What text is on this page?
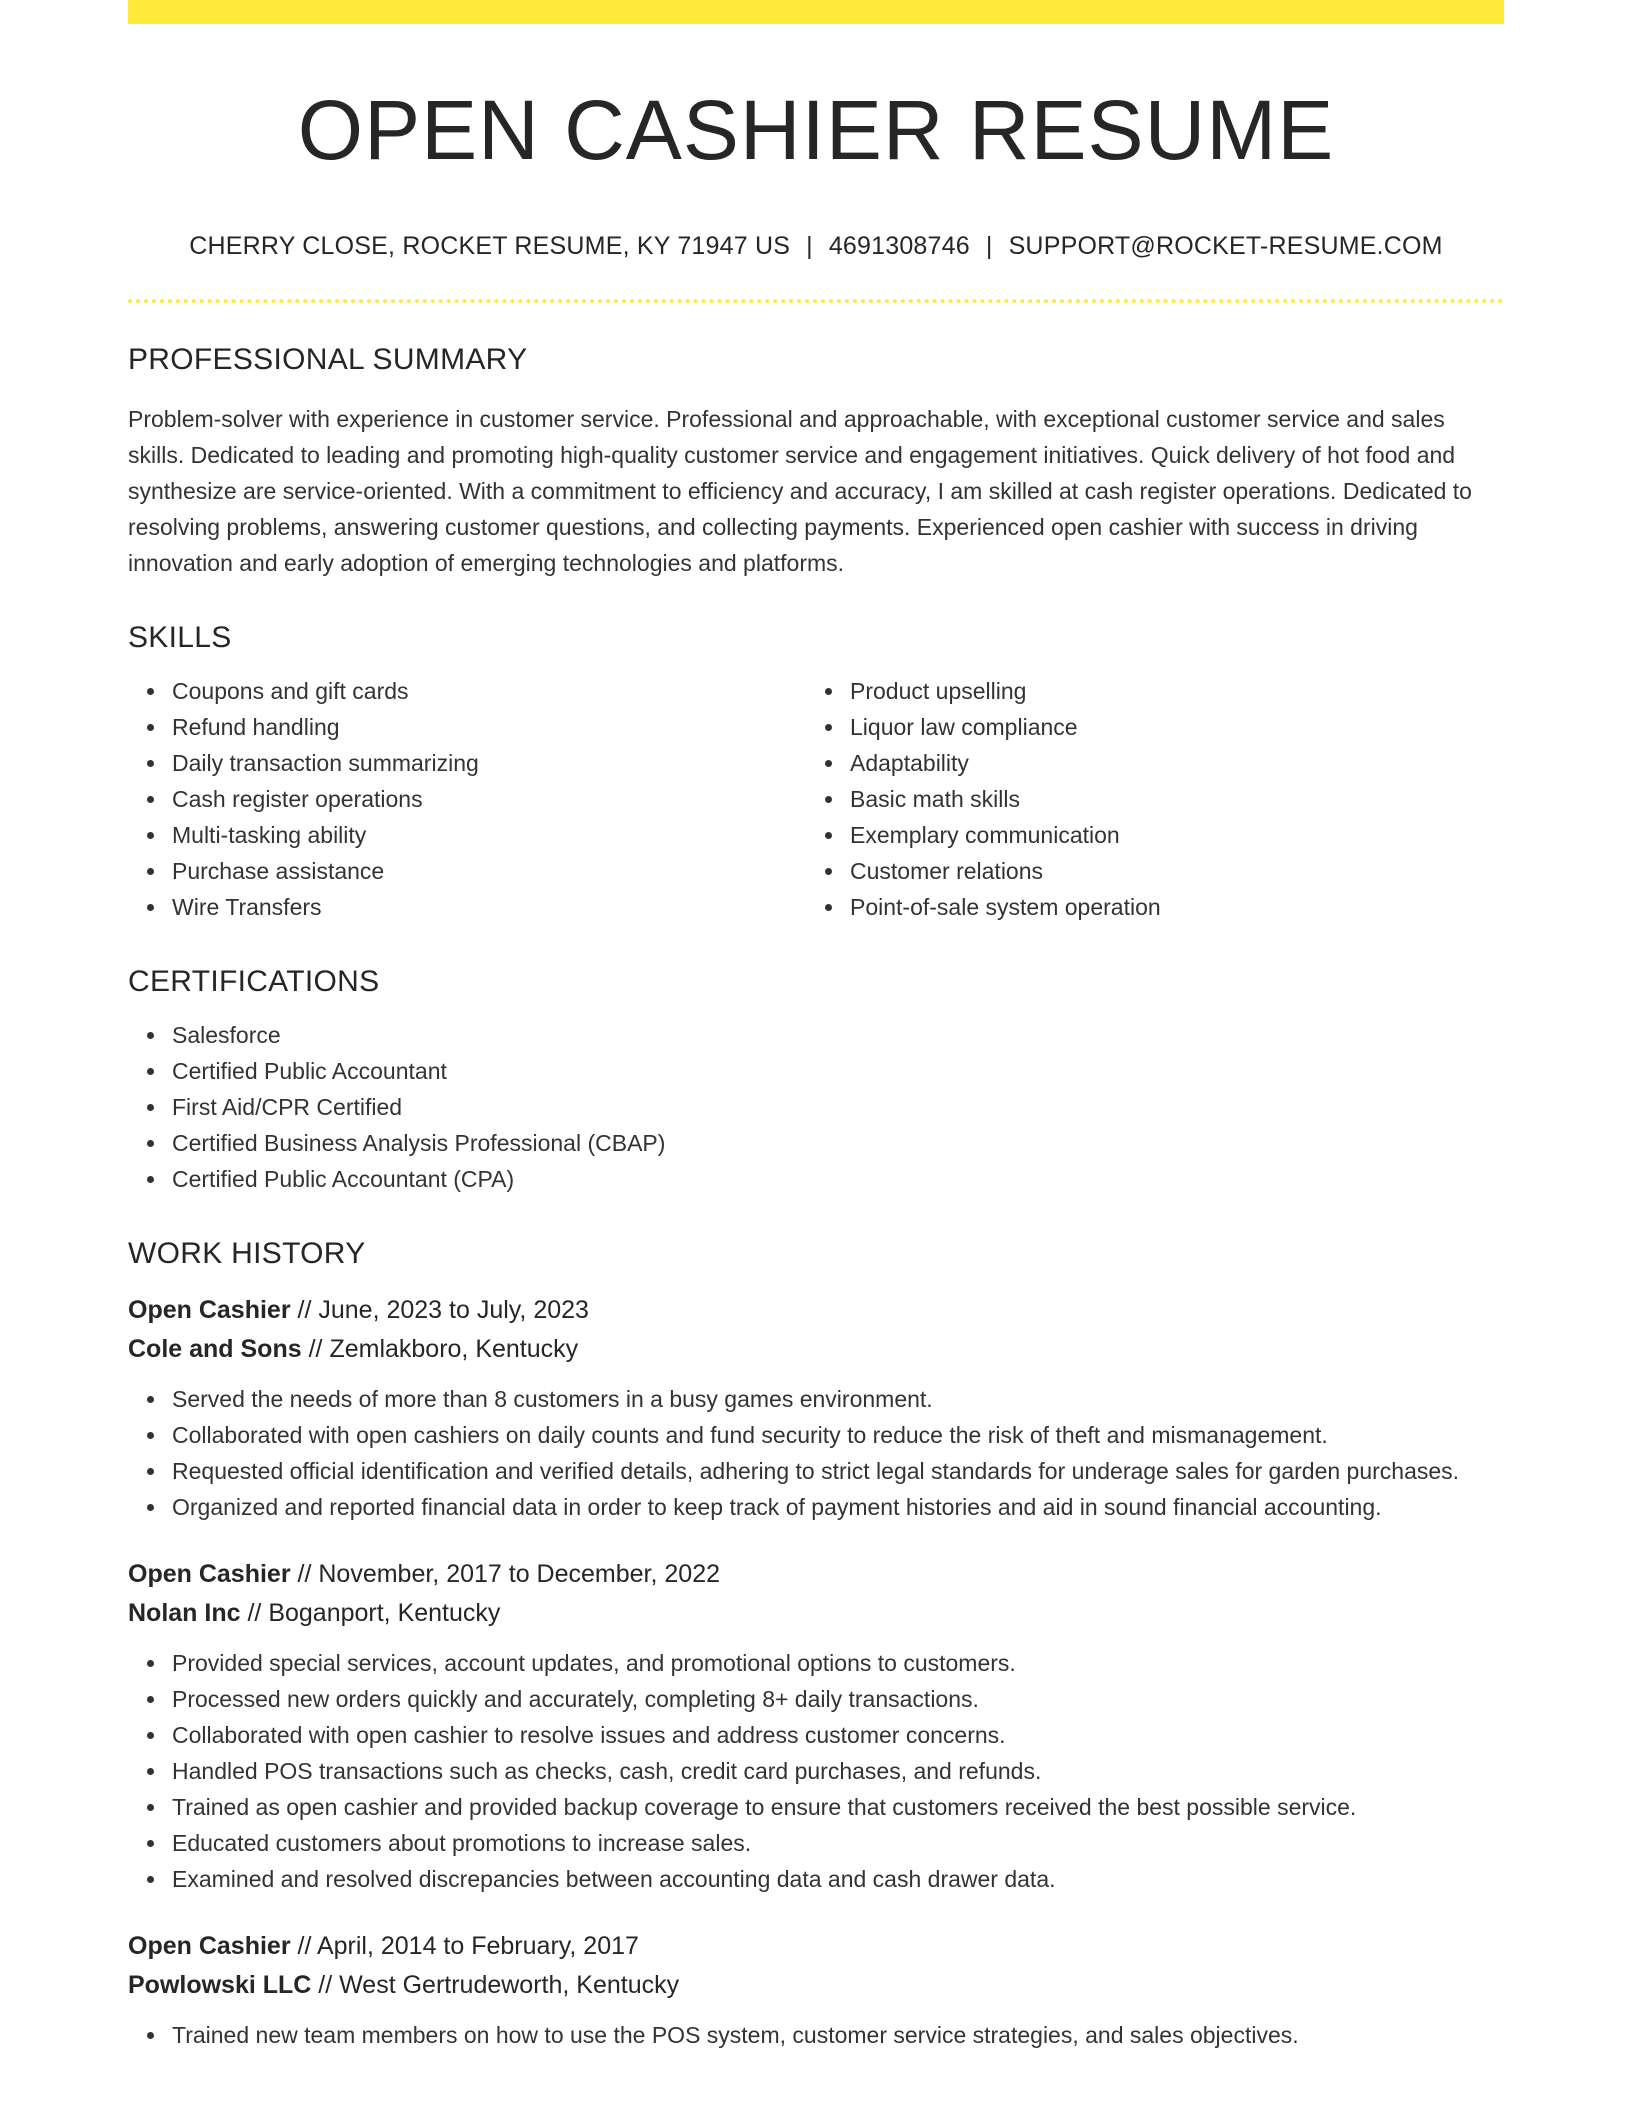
OPEN CASHIER RESUME
CHERRY CLOSE, ROCKET RESUME, KY 71947 US | 4691308746 | SUPPORT@ROCKET-RESUME.COM
PROFESSIONAL SUMMARY

Problem-solver with experience in customer service. Professional and approachable, with exceptional customer service and sales skills. Dedicated to leading and promoting high-quality customer service and engagement initiatives. Quick delivery of hot food and synthesize are service-oriented. With a commitment to efficiency and accuracy, I am skilled at cash register operations. Dedicated to resolving problems, answering customer questions, and collecting payments. Experienced open cashier with success in driving innovation and early adoption of emerging technologies and platforms.

SKILLS
Coupons and gift cards
Refund handling
Daily transaction summarizing
Cash register operations
Multi-tasking ability
Purchase assistance
Wire Transfers
Product upselling
Liquor law compliance
Adaptability
Basic math skills
Exemplary communication
Customer relations
Point-of-sale system operation
CERTIFICATIONS
Salesforce
Certified Public Accountant
First Aid/CPR Certified
Certified Business Analysis Professional (CBAP)
Certified Public Accountant (CPA)
WORK HISTORY
Open Cashier // June, 2023 to July, 2023
Cole and Sons // Zemlakboro, Kentucky
Served the needs of more than 8 customers in a busy games environment.
Collaborated with open cashiers on daily counts and fund security to reduce the risk of theft and mismanagement.
Requested official identification and verified details, adhering to strict legal standards for underage sales for garden purchases.
Organized and reported financial data in order to keep track of payment histories and aid in sound financial accounting.
Open Cashier // November, 2017 to December, 2022
Nolan Inc // Boganport, Kentucky
Provided special services, account updates, and promotional options to customers.
Processed new orders quickly and accurately, completing 8+ daily transactions.
Collaborated with open cashier to resolve issues and address customer concerns.
Handled POS transactions such as checks, cash, credit card purchases, and refunds.
Trained as open cashier and provided backup coverage to ensure that customers received the best possible service.
Educated customers about promotions to increase sales.
Examined and resolved discrepancies between accounting data and cash drawer data.
Open Cashier // April, 2014 to February, 2017
Powlowski LLC // West Gertrudeworth, Kentucky
Trained new team members on how to use the POS system, customer service strategies, and sales objectives.
